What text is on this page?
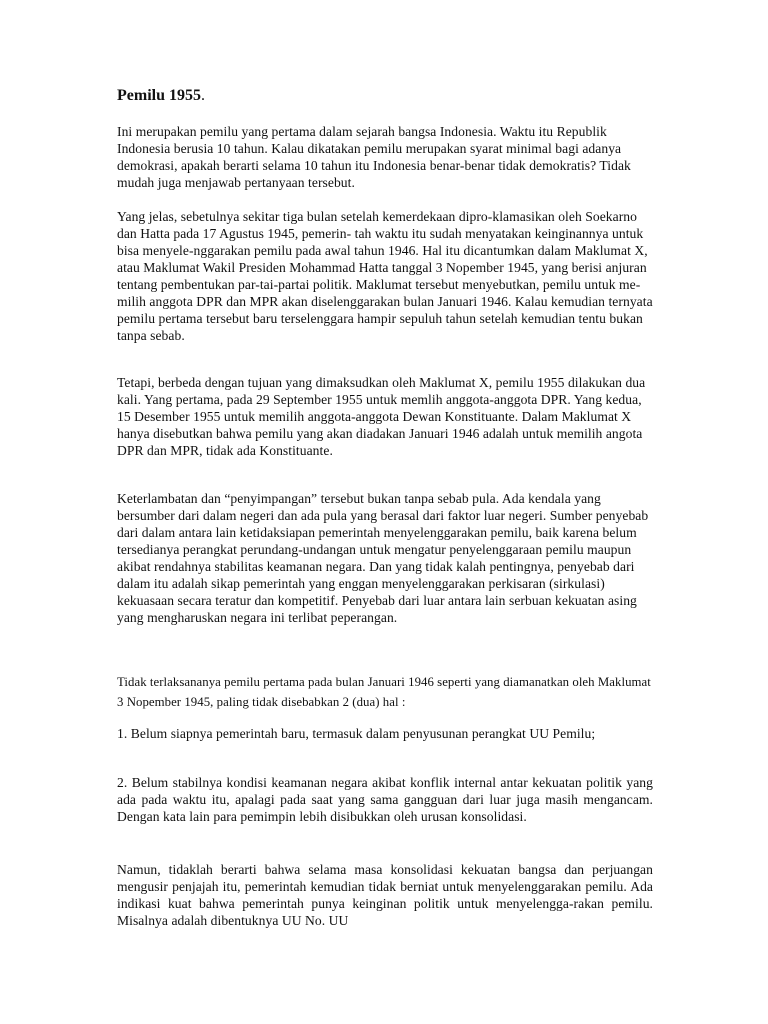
Pemilu 1955.

Ini merupakan pemilu yang pertama dalam sejarah bangsa Indonesia. Waktu itu Republik Indonesia berusia 10 tahun. Kalau dikatakan pemilu merupakan syarat minimal bagi adanya demokrasi, apakah berarti selama 10 tahun itu Indonesia benar-benar tidak demokratis? Tidak mudah juga menjawab pertanyaan tersebut.

Yang jelas, sebetulnya sekitar tiga bulan setelah kemerdekaan dipro-klamasikan oleh Soekarno dan Hatta pada 17 Agustus 1945, pemerin- tah waktu itu sudah menyatakan keinginannya untuk bisa menyele-nggarakan pemilu pada awal tahun 1946. Hal itu dicantumkan dalam Maklumat X, atau Maklumat Wakil Presiden Mohammad Hatta tanggal 3 Nopember 1945, yang berisi anjuran tentang pembentukan par-tai-partai politik. Maklumat tersebut menyebutkan, pemilu untuk me-milih anggota DPR dan MPR akan diselenggarakan bulan Januari 1946. Kalau kemudian ternyata pemilu pertama tersebut baru terselenggara hampir sepuluh tahun setelah kemudian tentu bukan tanpa sebab.

Tetapi, berbeda dengan tujuan yang dimaksudkan oleh Maklumat X, pemilu 1955 dilakukan dua kali. Yang pertama, pada 29 September 1955 untuk memlih anggota-anggota DPR. Yang kedua, 15 Desember 1955 untuk memilih anggota-anggota Dewan Konstituante. Dalam Maklumat X hanya disebutkan bahwa pemilu yang akan diadakan Januari 1946 adalah untuk memilih angota DPR dan MPR, tidak ada Konstituante.

Keterlambatan dan “penyimpangan” tersebut bukan tanpa sebab pula. Ada kendala yang bersumber dari dalam negeri dan ada pula yang berasal dari faktor luar negeri. Sumber penyebab dari dalam antara lain ketidaksiapan pemerintah menyelenggarakan pemilu, baik karena belum tersedianya perangkat perundang-undangan untuk mengatur penyelenggaraan pemilu maupun akibat rendahnya stabilitas keamanan negara. Dan yang tidak kalah pentingnya, penyebab dari dalam itu adalah sikap pemerintah yang enggan menyelenggarakan perkisaran (sirkulasi) kekuasaan secara teratur dan kompetitif. Penyebab dari luar antara lain serbuan kekuatan asing yang mengharuskan negara ini terlibat peperangan.

Tidak terlaksananya pemilu pertama pada bulan Januari 1946 seperti yang diamanatkan oleh Maklumat 3 Nopember 1945, paling tidak disebabkan 2 (dua) hal :

1. Belum siapnya pemerintah baru, termasuk dalam penyusunan perangkat UU Pemilu;

2. Belum stabilnya kondisi keamanan negara akibat konflik internal antar kekuatan politik yang ada pada waktu itu, apalagi pada saat yang sama gangguan dari luar juga masih mengancam. Dengan kata lain para pemimpin lebih disibukkan oleh urusan konsolidasi.

Namun, tidaklah berarti bahwa selama masa konsolidasi kekuatan bangsa dan perjuangan mengusir penjajah itu, pemerintah kemudian tidak berniat untuk menyelenggarakan pemilu. Ada indikasi kuat bahwa pemerintah punya keinginan politik untuk menyelengga-rakan pemilu. Misalnya adalah dibentuknya UU No. UU
